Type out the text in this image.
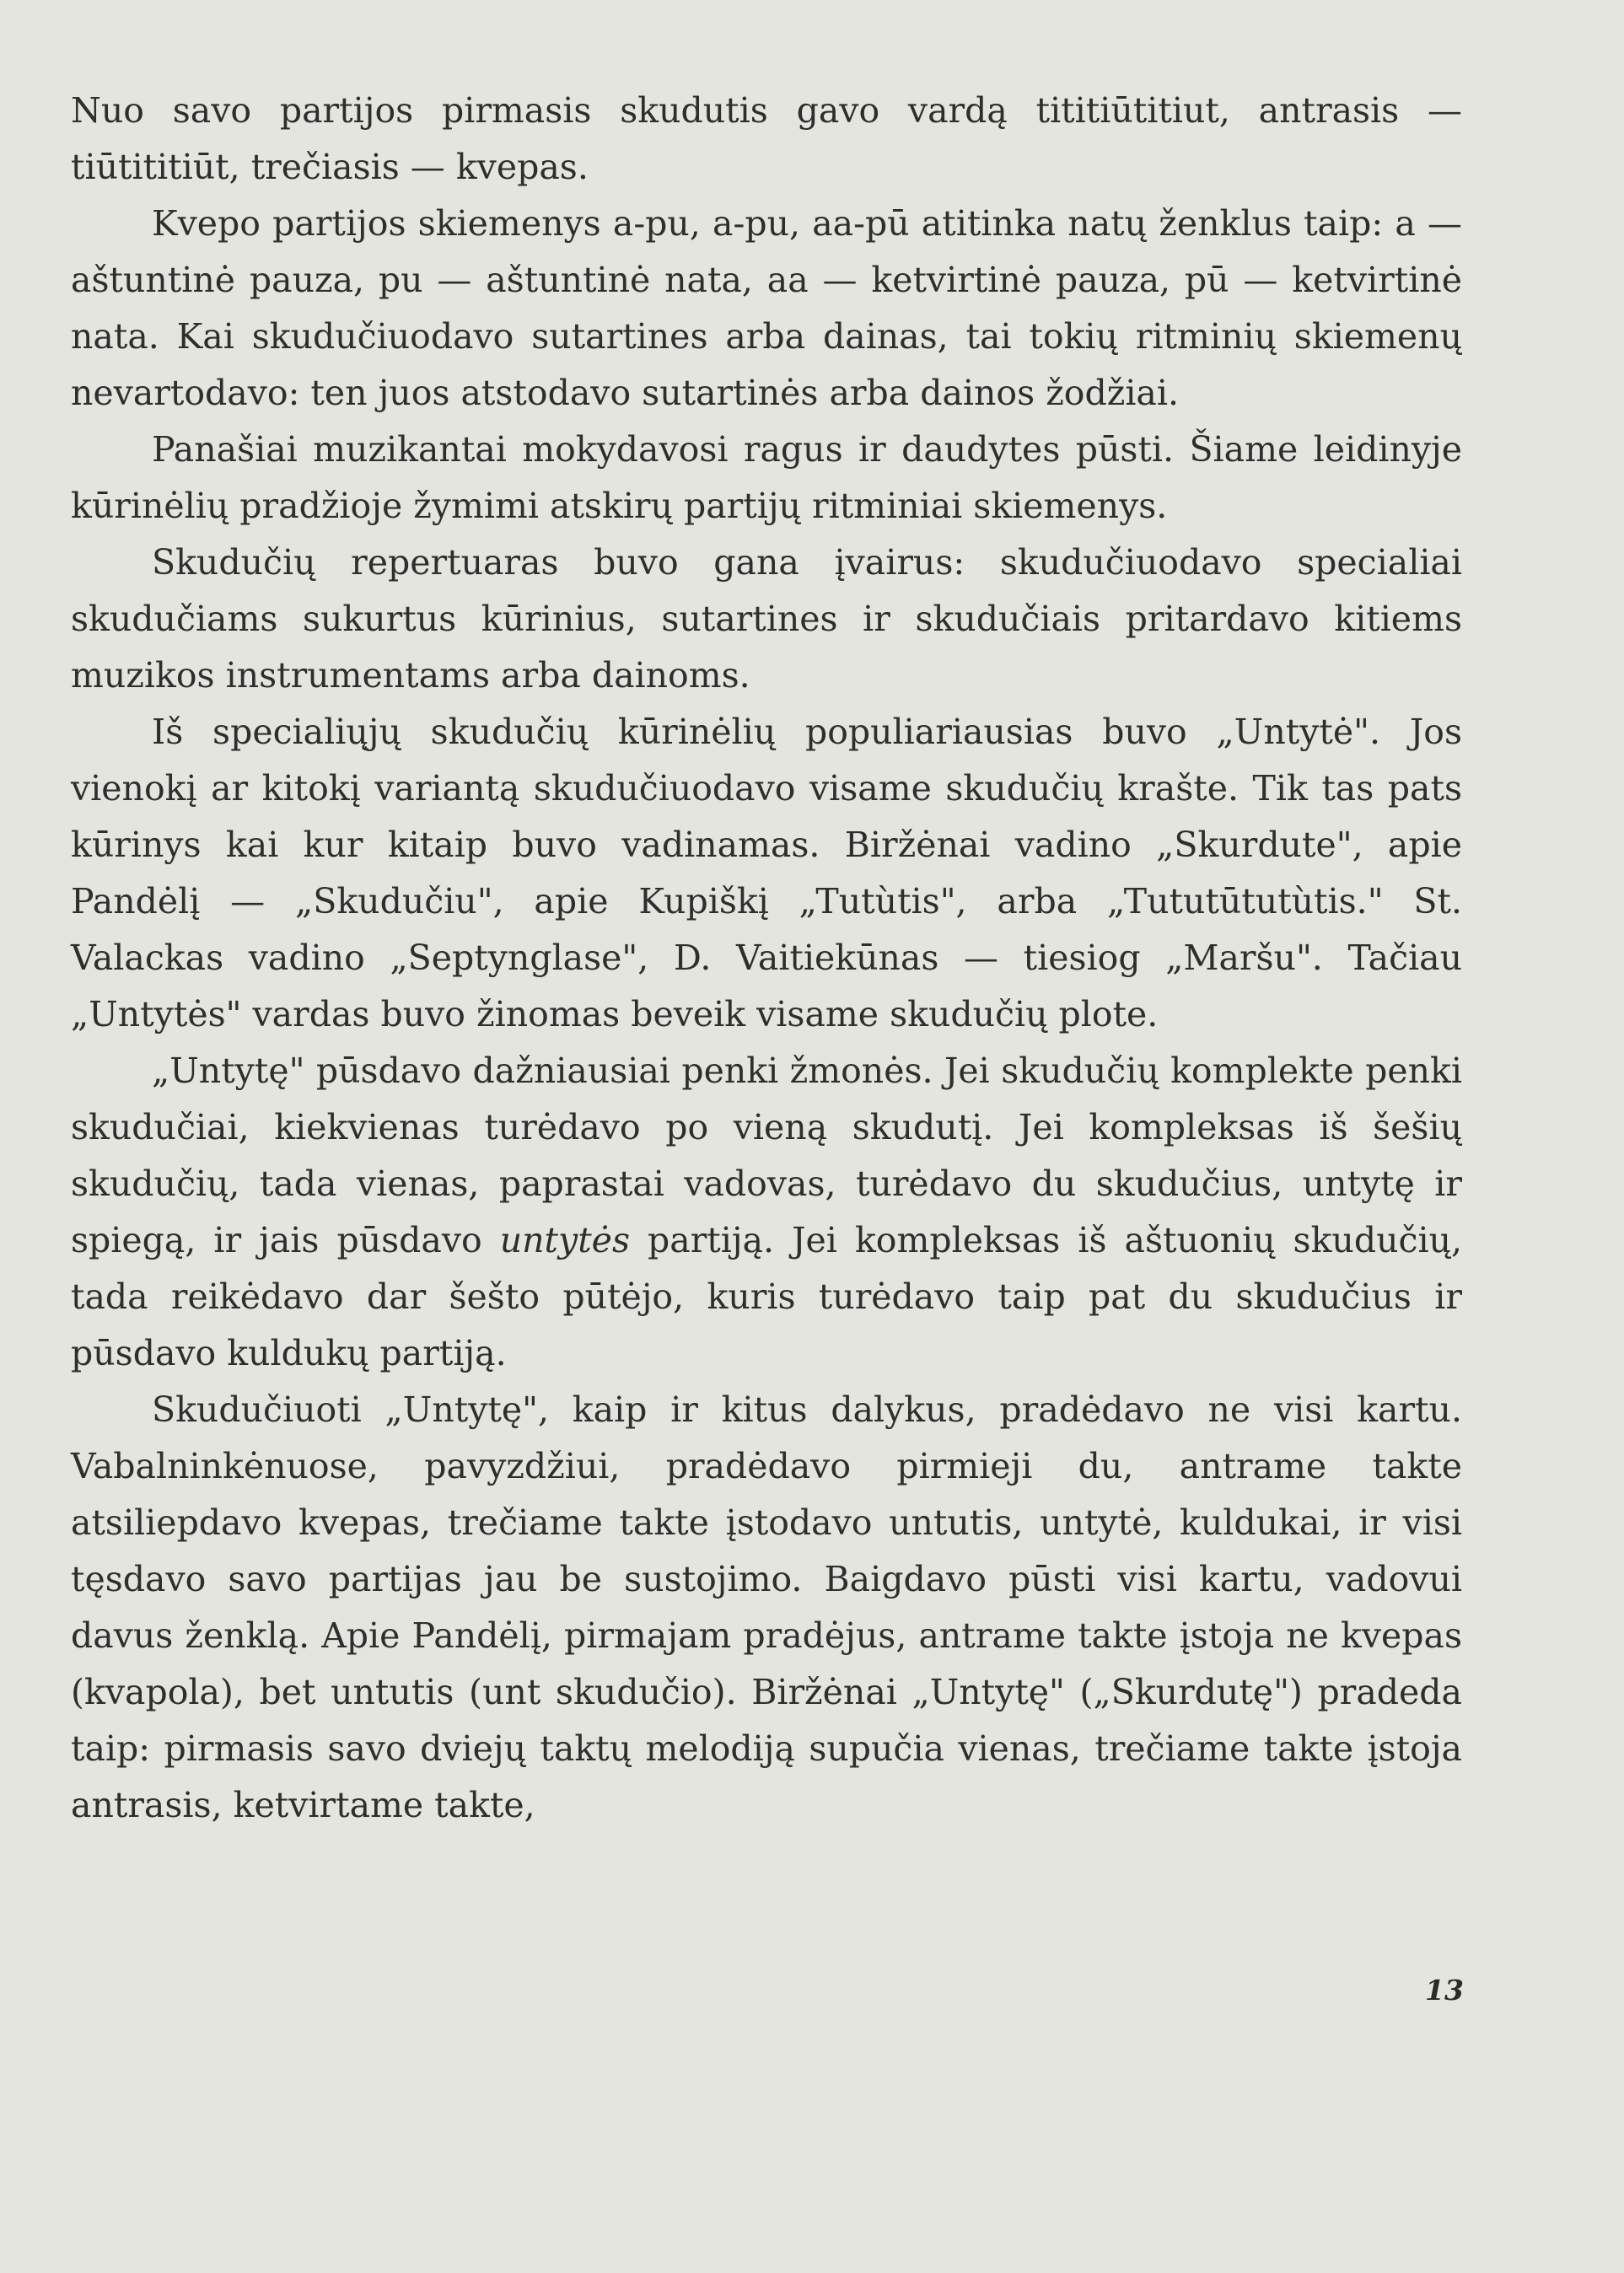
Nuo savo partijos pirmasis skudutis gavo vardą tititiūtitiut, antrasis — tiūtititiūt, trečiasis — kvepas.

Kvepo partijos skiemenys a-pu, a-pu, aa-pū atitinka natų ženklus taip: a — aštuntinė pauza, pu — aštuntinė nata, aa — ketvirtinė pauza, pū — ketvirtinė nata. Kai skudučiuodavo sutartines arba dainas, tai tokių ritminių skiemenų nevartodavo: ten juos atstodavo sutartinės arba dainos žodžiai.

Panašiai muzikantai mokydavosi ragus ir daudytes pūsti. Šiame leidinyje kūrinėlių pradžioje žymimi atskirų partijų ritminiai skiemenys.

Skudučių repertuaras buvo gana įvairus: skudučiuodavo specialiai skudučiams sukurtus kūrinius, sutartines ir skudučiais pritardavo kitiems muzikos instrumentams arba dainoms.

Iš specialiųjų skudučių kūrinėlių populiariausias buvo „Untytė". Jos vienokį ar kitokį variantą skudučiuodavo visame skudučių krašte. Tik tas pats kūrinys kai kur kitaip buvo vadinamas. Biržėnai vadino „Skurdute", apie Pandėlį — „Skudučiu", apie Kupiškį „Tutùtis", arba „Tututūtutùtis." St. Valackas vadino „Septynglase", D. Vaitiekūnas — tiesiog „Maršu". Tačiau „Untytės" vardas buvo žinomas beveik visame skudučių plote.

„Untytę" pūsdavo dažniausiai penki žmonės. Jei skudučių komplekte penki skudučiai, kiekvienas turėdavo po vieną skudutį. Jei kompleksas iš šešių skudučių, tada vienas, paprastai vadovas, turėdavo du skudučius, untytę ir spiegą, ir jais pūsdavo untytės partiją. Jei kompleksas iš aštuonių skudučių, tada reikėdavo dar šešto pūtėjo, kuris turėdavo taip pat du skudučius ir pūsdavo kuldukų partiją.

Skudučiuoti „Untytę", kaip ir kitus dalykus, pradėdavo ne visi kartu. Vabalninkėnuose, pavyzdžiui, pradėdavo pirmieji du, antrame takte atsiliepdavo kvepas, trečiame takte įstodavo untutis, untytė, kuldukai, ir visi tęsdavo savo partijas jau be sustojimo. Baigdavo pūsti visi kartu, vadovui davus ženklą. Apie Pandėlį, pirmajam pradėjus, antrame takte įstoja ne kvepas (kvapola), bet untutis (unt skudučio). Biržėnai „Untytę" („Skurdutę") pradeda taip: pirmasis savo dviejų taktų melodiją supučia vienas, trečiame takte įstoja antrasis, ketvirtame takte,

13
